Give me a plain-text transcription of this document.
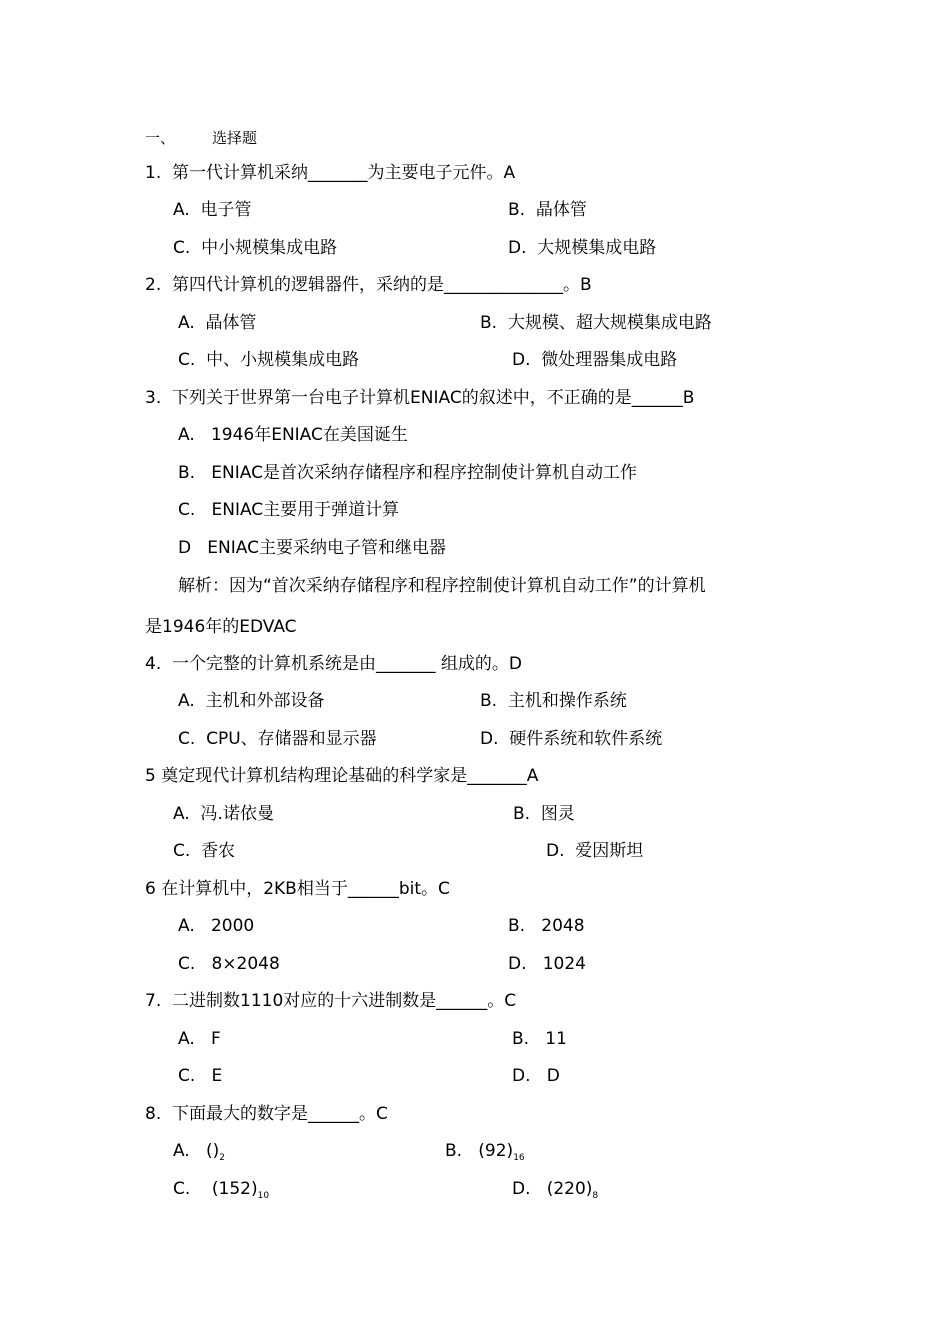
一、 选择题
1.  第一代计算机采纳_______为主要电子元件。A
A.  电子管	B.  晶体管
C.  中小规模集成电路	D.  大规模集成电路
2.  第四代计算机的逻辑器件，采纳的是______________。B
A.  晶体管	B.  大规模、超大规模集成电路
C.  中、小规模集成电路	D.  微处理器集成电路
3.  下列关于世界第一台电子计算机ENIAC的叙述中，不正确的是______B
A.   1946年ENIAC在美国诞生
B.   ENIAC是首次采纳存储程序和程序控制使计算机自动工作
C.   ENIAC主要用于弹道计算
D   ENIAC主要采纳电子管和继电器
解析：因为“首次采纳存储程序和程序控制使计算机自动工作”的计算机
是1946年的EDVAC
4.  一个完整的计算机系统是由_______ 组成的。D
A.  主机和外部设备	B.  主机和操作系统
C.  CPU、存储器和显示器	D.  硬件系统和软件系统
5 奠定现代计算机结构理论基础的科学家是_______A
A.  冯.诺依曼	B.  图灵
C.  香农	D.  爱因斯坦
6 在计算机中，2KB相当于______bit。C
A.   2000	B.   2048
C.   8×2048	D.   1024
7.  二进制数1110对应的十六进制数是______。C
A.   F	B.   11
C.   E	D.   D
8.  下面最大的数字是______。C
A.   $()_2$	B.   $(92)_{16}$
C.    $(152)_{10}$	D.   $(220)_8$
